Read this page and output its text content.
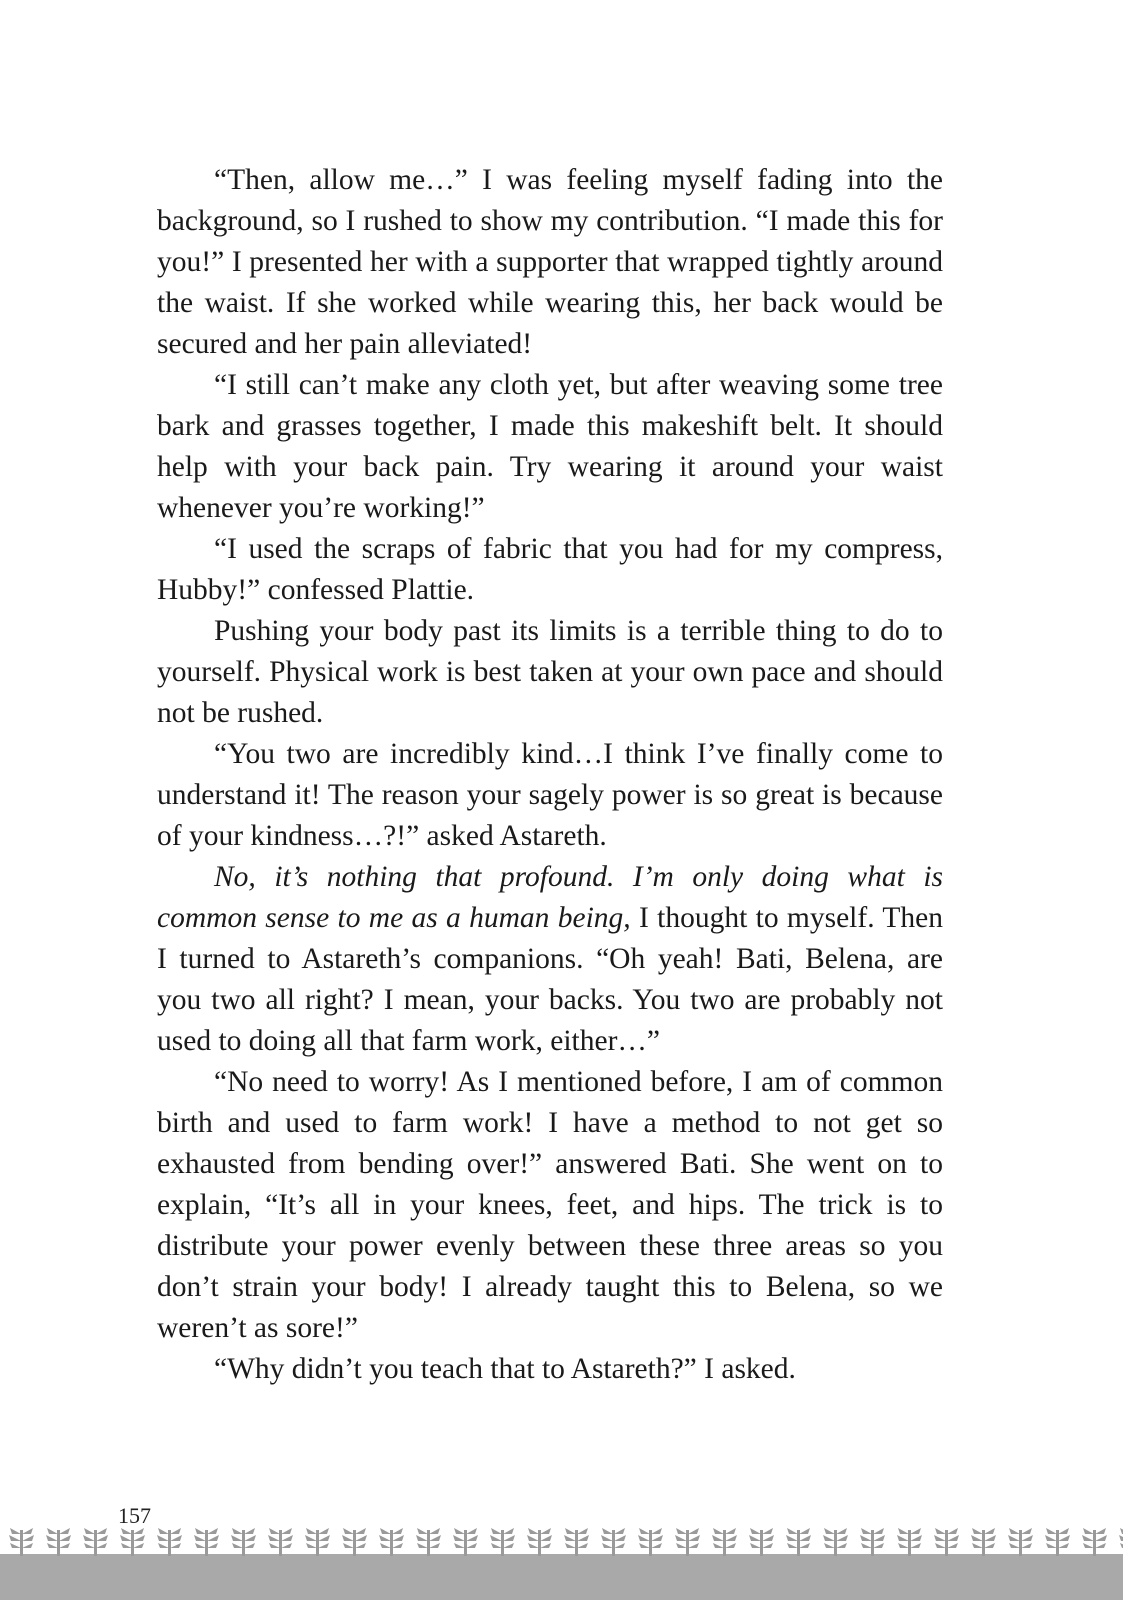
“Then, allow me…” I was feeling myself fading into the background, so I rushed to show my contribution. “I made this for you!” I presented her with a supporter that wrapped tightly around the waist. If she worked while wearing this, her back would be secured and her pain alleviated!

“I still can’t make any cloth yet, but after weaving some tree bark and grasses together, I made this makeshift belt. It should help with your back pain. Try wearing it around your waist whenever you’re working!”

“I used the scraps of fabric that you had for my compress, Hubby!” confessed Plattie.

Pushing your body past its limits is a terrible thing to do to yourself. Physical work is best taken at your own pace and should not be rushed.

“You two are incredibly kind…I think I’ve finally come to understand it! The reason your sagely power is so great is because of your kindness…?!” asked Astareth.

No, it’s nothing that profound. I’m only doing what is common sense to me as a human being, I thought to myself. Then I turned to Astareth’s companions. “Oh yeah! Bati, Belena, are you two all right? I mean, your backs. You two are probably not used to doing all that farm work, either…”

“No need to worry! As I mentioned before, I am of common birth and used to farm work! I have a method to not get so exhausted from bending over!” answered Bati. She went on to explain, “It’s all in your knees, feet, and hips. The trick is to distribute your power evenly between these three areas so you don’t strain your body! I already taught this to Belena, so we weren’t as sore!”

“Why didn’t you teach that to Astareth?” I asked.

157
